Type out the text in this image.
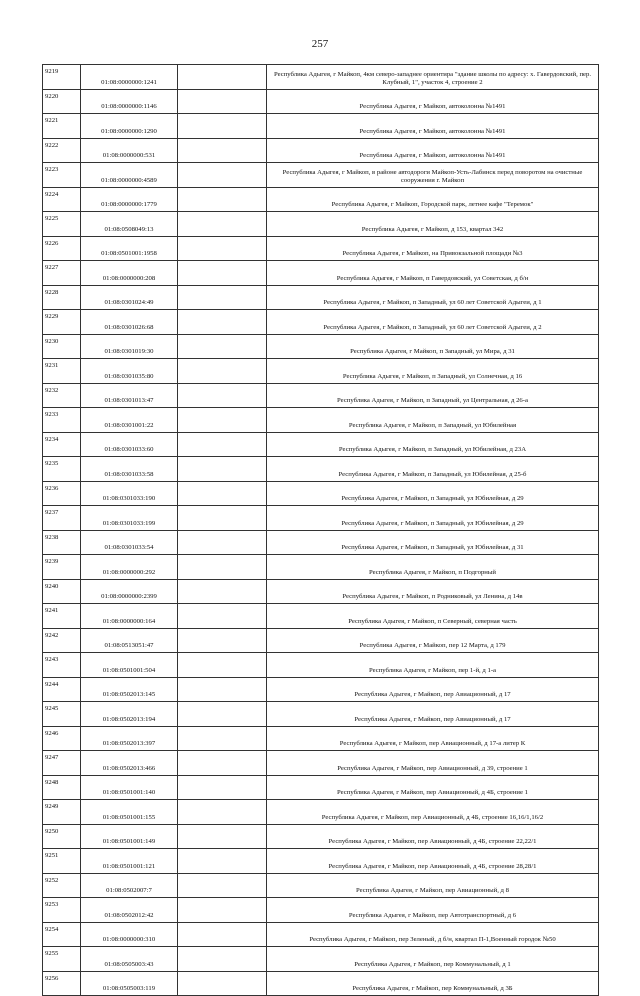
257
9219	01:08:0000000:1241		Республика Адыгея, г Майкоп, 4км северо-западнее ориентира "здание школы по адресу: х. Гавердовский, пер. Клубный, 1", участок 4, строение 2
9220	01:08:0000000:1146		Республика Адыгея, г Майкоп, автоколонна №1491
9221	01:08:0000000:1290		Республика Адыгея, г Майкоп, автоколонна №1491
9222	01:08:0000000:531		Республика Адыгея, г Майкоп, автоколонна №1491
9223	01:08:0000000:4589		Республика Адыгея, г Майкоп, в районе автодороги Майкоп-Усть-Лабинск перед поворотом на очистные сооружения г. Майкоп
9224	01:08:0000000:1779		Республика Адыгея, г Майкоп, Городской парк, летнее кафе "Теремок"
9225	01:08:0508049:13		Республика Адыгея, г Майкоп, д 153, квартал 342
9226	01:08:0501001:1958		Республика Адыгея, г Майкоп, на Привокзальной площади №3
9227	01:08:0000000:208		Республика Адыгея, г Майкоп, п Гавердовский, ул Советская, д б/н
9228	01:08:0301024:49		Республика Адыгея, г Майкоп, п Западный, ул 60 лет Советской Адыгеи, д 1
9229	01:08:0301026:68		Республика Адыгея, г Майкоп, п Западный, ул 60 лет Советской Адыгеи, д 2
9230	01:08:0301019:30		Республика Адыгея, г Майкоп, п Западный, ул Мира, д 31
9231	01:08:0301035:80		Республика Адыгея, г Майкоп, п Западный, ул Солнечная, д 16
9232	01:08:0301013:47		Республика Адыгея, г Майкоп, п Западный, ул Центральная, д 26-а
9233	01:08:0301001:22		Республика Адыгея, г Майкоп, п Западный, ул Юбилейная
9234	01:08:0301033:60		Республика Адыгея, г Майкоп, п Западный, ул Юбилейная, д 23А
9235	01:08:0301033:58		Республика Адыгея, г Майкоп, п Западный, ул Юбилейная, д 25-б
9236	01:08:0301033:190		Республика Адыгея, г Майкоп, п Западный, ул Юбилейная, д 29
9237	01:08:0301033:199		Республика Адыгея, г Майкоп, п Западный, ул Юбилейная, д 29
9238	01:08:0301033:54		Республика Адыгея, г Майкоп, п Западный, ул Юбилейная, д 31
9239	01:08:0000000:292		Республика Адыгея, г Майкоп, п Подгорный
9240	01:08:0000000:2399		Республика Адыгея, г Майкоп, п Родниковый, ул Ленина, д 14в
9241	01:08:0000000:164		Республика Адыгея, г Майкоп, п Северный, северная часть
9242	01:08:0513051:47		Республика Адыгея, г Майкоп, пер 12 Марта, д 179
9243	01:08:0501001:504		Республика Адыгея, г Майкоп, пер 1-й, д 1-а
9244	01:08:0502013:145		Республика Адыгея, г Майкоп, пер Авиационный, д 17
9245	01:08:0502013:194		Республика Адыгея, г Майкоп, пер Авиационный, д 17
9246	01:08:0502013:397		Республика Адыгея, г Майкоп, пер Авиационный, д 17-а литер К
9247	01:08:0502013:466		Республика Адыгея, г Майкоп, пер Авиационный, д 39, строение 1
9248	01:08:0501001:140		Республика Адыгея, г Майкоп, пер Авиационный, д 4Б, строение 1
9249	01:08:0501001:155		Республика Адыгея, г Майкоп, пер Авиационный, д 4Б, строение 16,16/1,16/2
9250	01:08:0501001:149		Республика Адыгея, г Майкоп, пер Авиационный, д 4Б, строение 22,22/1
9251	01:08:0501001:121		Республика Адыгея, г Майкоп, пер Авиационный, д 4Б, строение 28,28/1
9252	01:08:0502007:7		Республика Адыгея, г Майкоп, пер Авиационный, д 8
9253	01:08:0502012:42		Республика Адыгея, г Майкоп, пер Автотранспортный, д 6
9254	01:08:0000000:310		Республика Адыгея, г Майкоп, пер Зеленый, д б/н, квартал П-1,Военный городок №50
9255	01:08:0505003:43		Республика Адыгея, г Майкоп, пер Коммунальный, д 1
9256	01:08:0505003:119		Республика Адыгея, г Майкоп, пер Коммунальный, д 3Б
